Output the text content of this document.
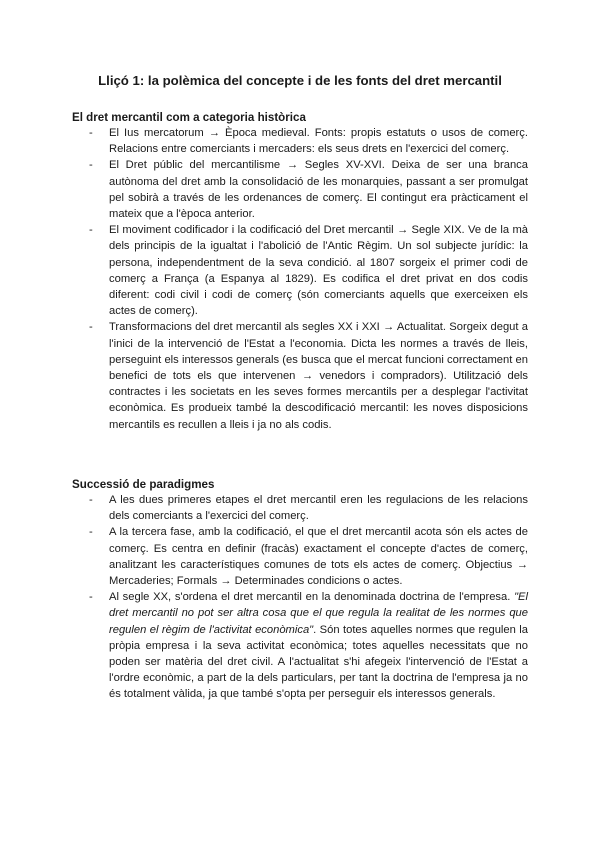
Lliçó 1: la polèmica del concepte i de les fonts del dret mercantil
El dret mercantil com a categoria històrica
- El Ius mercatorum → Època medieval. Fonts: propis estatuts o usos de comerç. Relacions entre comerciants i mercaders: els seus drets en l'exercici del comerç.
- El Dret públic del mercantilisme → Segles XV-XVI. Deixa de ser una branca autònoma del dret amb la consolidació de les monarquies, passant a ser promulgat pel sobirà a través de les ordenances de comerç. El contingut era pràcticament el mateix que a l'època anterior.
- El moviment codificador i la codificació del Dret mercantil → Segle XIX. Ve de la mà dels principis de la igualtat i l'abolició de l'Antic Règim. Un sol subjecte jurídic: la persona, independentment de la seva condició. al 1807 sorgeix el primer codi de comerç a França (a Espanya al 1829). Es codifica el dret privat en dos codis diferent: codi civil i codi de comerç (són comerciants aquells que exerceixen els actes de comerç).
- Transformacions del dret mercantil als segles XX i XXI → Actualitat. Sorgeix degut a l'inici de la intervenció de l'Estat a l'economia. Dicta les normes a través de lleis, perseguint els interessos generals (es busca que el mercat funcioni correctament en benefici de tots els que intervenen → venedors i compradors). Utilització dels contractes i les societats en les seves formes mercantils per a desplegar l'activitat econòmica. Es produeix també la descodificació mercantil: les noves disposicions mercantils es recullen a lleis i ja no als codis.
Successió de paradigmes
- A les dues primeres etapes el dret mercantil eren les regulacions de les relacions dels comerciants a l'exercici del comerç.
- A la tercera fase, amb la codificació, el que el dret mercantil acota són els actes de comerç. Es centra en definir (fracàs) exactament el concepte d'actes de comerç, analitzant les característiques comunes de tots els actes de comerç. Objectius → Mercaderies; Formals → Determinades condicions o actes.
- Al segle XX, s'ordena el dret mercantil en la denominada doctrina de l'empresa. "El dret mercantil no pot ser altra cosa que el que regula la realitat de les normes que regulen el règim de l'activitat econòmica". Són totes aquelles normes que regulen la pròpia empresa i la seva activitat econòmica; totes aquelles necessitats que no poden ser matèria del dret civil. A l'actualitat s'hi afegeix l'intervenció de l'Estat a l'ordre econòmic, a part de la dels particulars, per tant la doctrina de l'empresa ja no és totalment vàlida, ja que també s'opta per perseguir els interessos generals.
